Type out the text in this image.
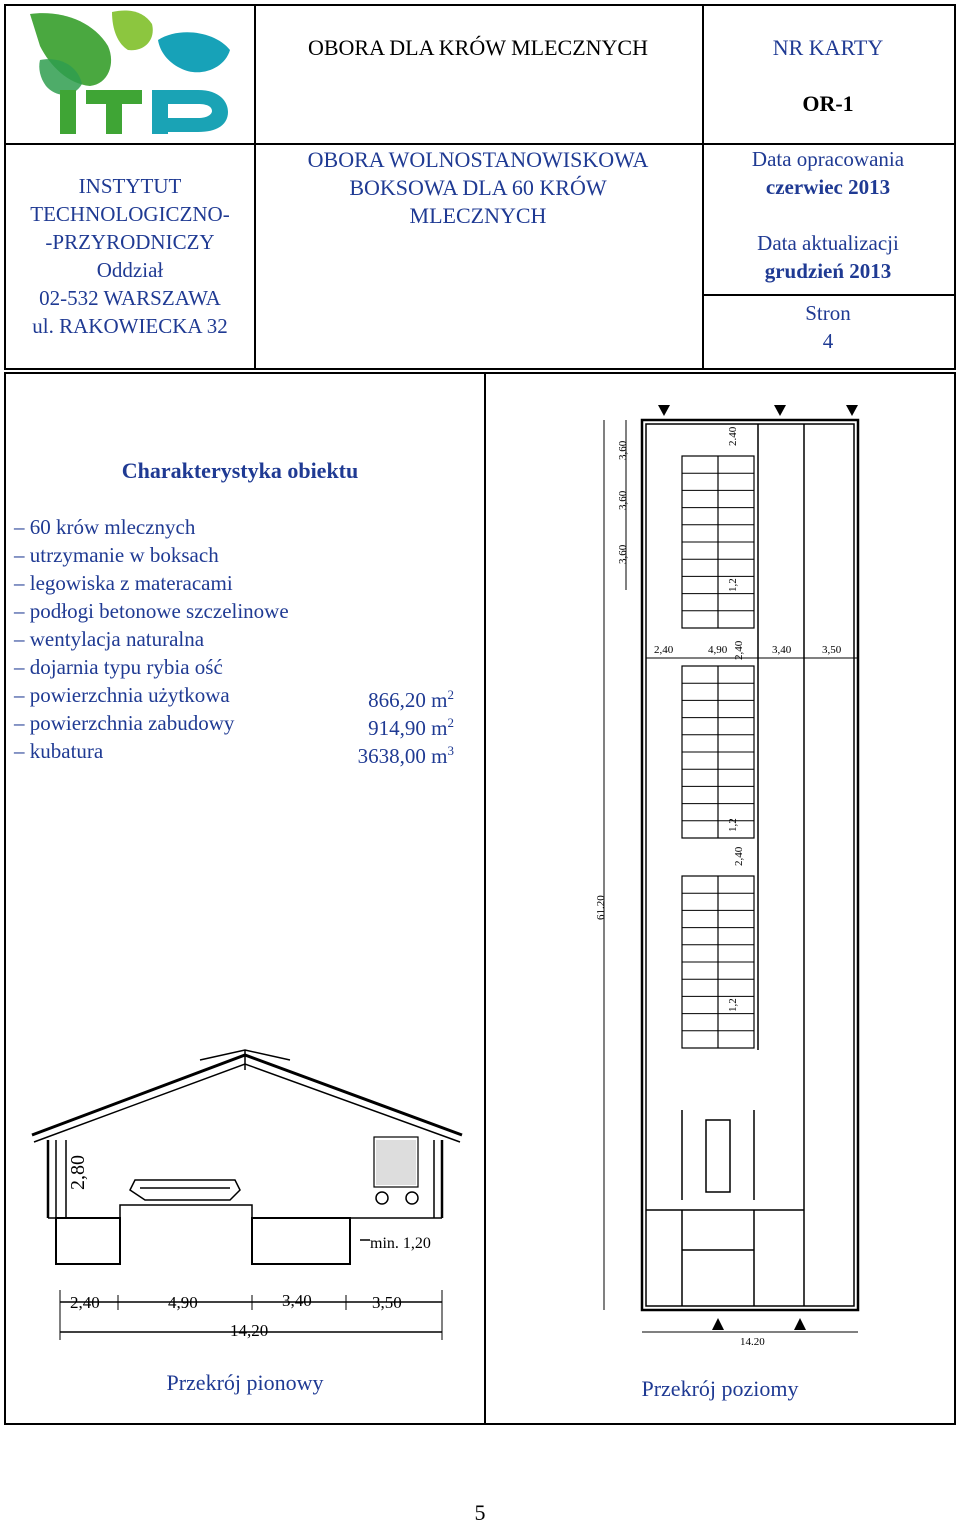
ITP
INSTYTUT
TECHNOLOGICZNO-
-PRZYRODNICZY
Oddział
02-532 WARSZAWA
ul. RAKOWIECKA 32
OBORA DLA KRÓW MLECZNYCH
OBORA WOLNOSTANOWISKOWA
BOKSOWA DLA 60 KRÓW
MLECZNYCH
NR KARTY
OR-1
Data opracowania
czerwiec 2013
Data aktualizacji
grudzień 2013
Stron
4
Charakterystyka obiektu
– 60 krów mlecznych
– utrzymanie w boksach
– legowiska z materacami
– podłogi betonowe szczelinowe
– wentylacja naturalna
– dojarnia typu rybia ość
– powierzchnia użytkowa	866,20 $m^2$
– powierzchnia zabudowy	914,90 $m^2$
– kubatura	3638,00 $m^3$
2,80
min. 1,20
2,40	4,90	3,40	3,50
14,20
Przekrój pionowy
3,60
3,60
3,60
61.20
2.40
2,40	4,90 2,40 3,40	3,50
1,2
1,2
1,2
2,40
14.20
Przekrój poziomy
5
